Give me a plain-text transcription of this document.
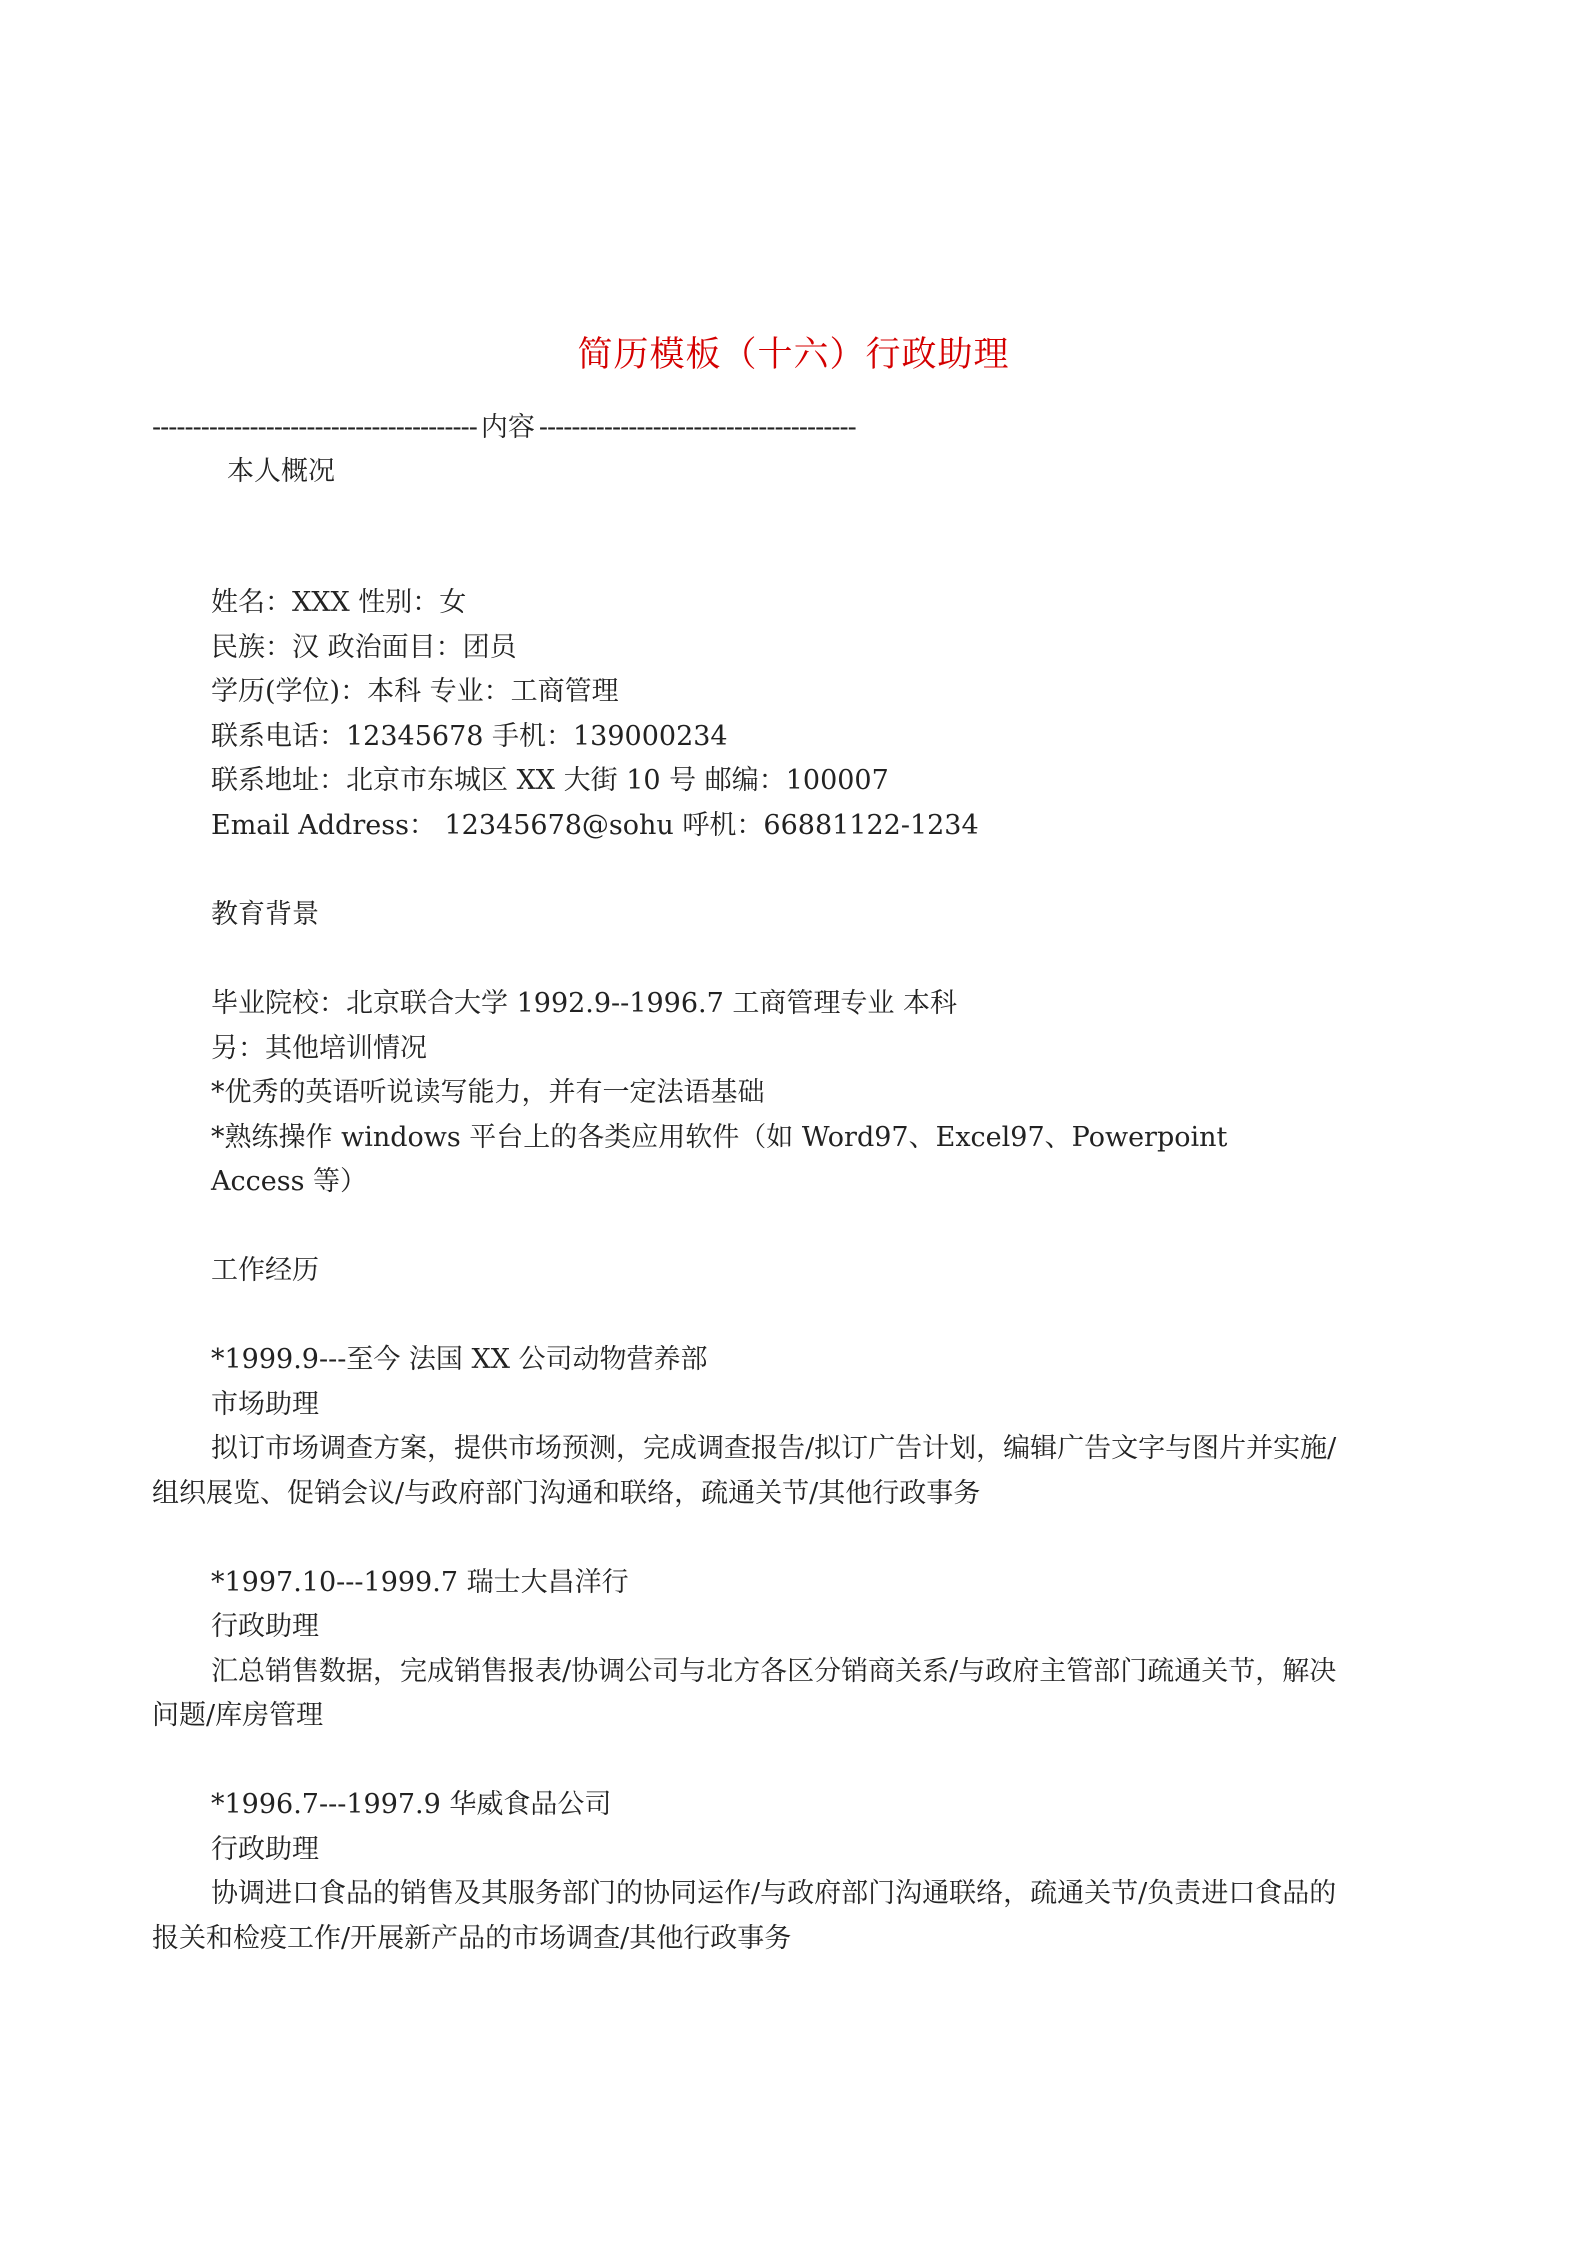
简历模板（十六）行政助理
---------------------------------------- 内容 ---------------------------------------
本人概况
姓名：XXX 性别：女
民族：汉 政治面目：团员
学历(学位)：本科 专业：工商管理
联系电话：12345678 手机：139000234
联系地址：北京市东城区 XX 大街 10 号 邮编：100007
Email Address： 12345678@sohu 呼机：66881122-1234
教育背景
毕业院校：北京联合大学 1992.9--1996.7 工商管理专业 本科
另：其他培训情况
*优秀的英语听说读写能力，并有一定法语基础
*熟练操作 windows 平台上的各类应用软件（如 Word97、Excel97、Powerpoint
Access 等）
工作经历
*1999.9---至今 法国 XX 公司动物营养部
市场助理
拟订市场调查方案，提供市场预测，完成调查报告/拟订广告计划，编辑广告文字与图片并实施/
组织展览、促销会议/与政府部门沟通和联络，疏通关节/其他行政事务
*1997.10---1999.7 瑞士大昌洋行
行政助理
汇总销售数据，完成销售报表/协调公司与北方各区分销商关系/与政府主管部门疏通关节，解决
问题/库房管理
*1996.7---1997.9 华威食品公司
行政助理
协调进口食品的销售及其服务部门的协同运作/与政府部门沟通联络，疏通关节/负责进口食品的
报关和检疫工作/开展新产品的市场调查/其他行政事务
